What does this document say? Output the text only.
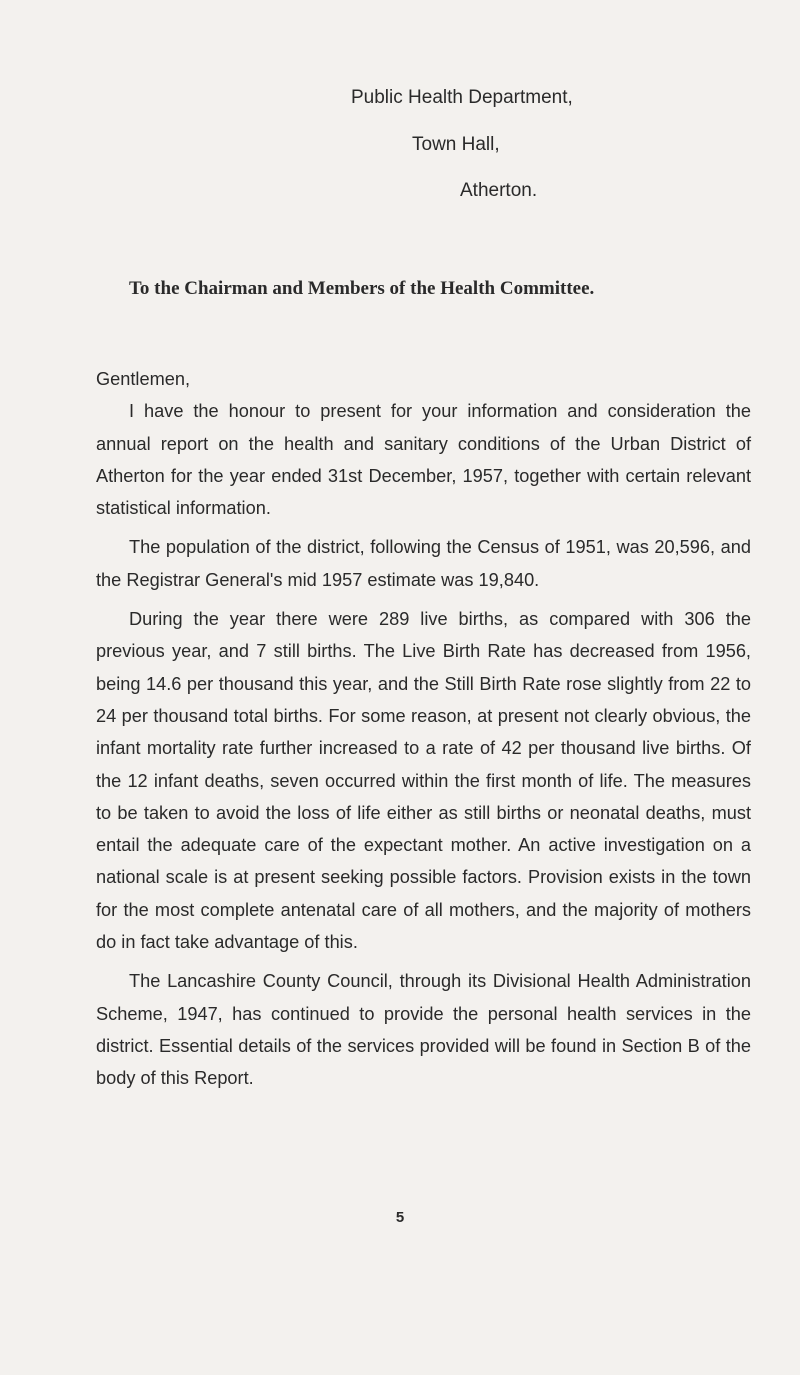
Public Health Department,
Town Hall,
Atherton.
To the Chairman and Members of the Health Committee.

Gentlemen,

I have the honour to present for your information and consideration the annual report on the health and sanitary conditions of the Urban District of Atherton for the year ended 31st December, 1957, together with certain relevant statistical information.

The population of the district, following the Census of 1951, was 20,596, and the Registrar General's mid 1957 estimate was 19,840.

During the year there were 289 live births, as compared with 306 the previous year, and 7 still births. The Live Birth Rate has decreased from 1956, being 14.6 per thousand this year, and the Still Birth Rate rose slightly from 22 to 24 per thousand total births. For some reason, at present not clearly obvious, the infant mortality rate further increased to a rate of 42 per thousand live births. Of the 12 infant deaths, seven occurred within the first month of life. The measures to be taken to avoid the loss of life either as still births or neonatal deaths, must entail the adequate care of the expectant mother. An active investigation on a national scale is at present seeking possible factors. Provision exists in the town for the most complete antenatal care of all mothers, and the majority of mothers do in fact take advantage of this.

The Lancashire County Council, through its Divisional Health Administration Scheme, 1947, has continued to provide the personal health services in the district. Essential details of the services provided will be found in Section B of the body of this Report.

5
